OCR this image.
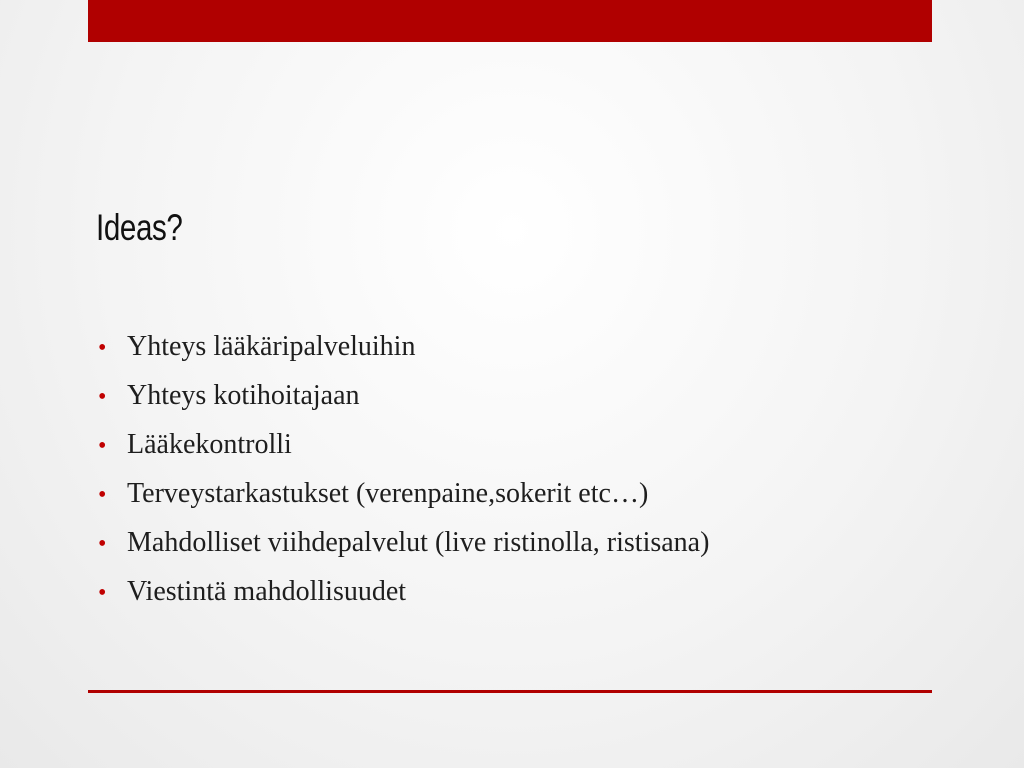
Ideas?
• Yhteys lääkäripalveluihin
• Yhteys kotihoitajaan
• Lääkekontrolli
• Terveystarkastukset (verenpaine,sokerit etc…)
• Mahdolliset viihdepalvelut (live ristinolla, ristisana)
• Viestintä mahdollisuudet
